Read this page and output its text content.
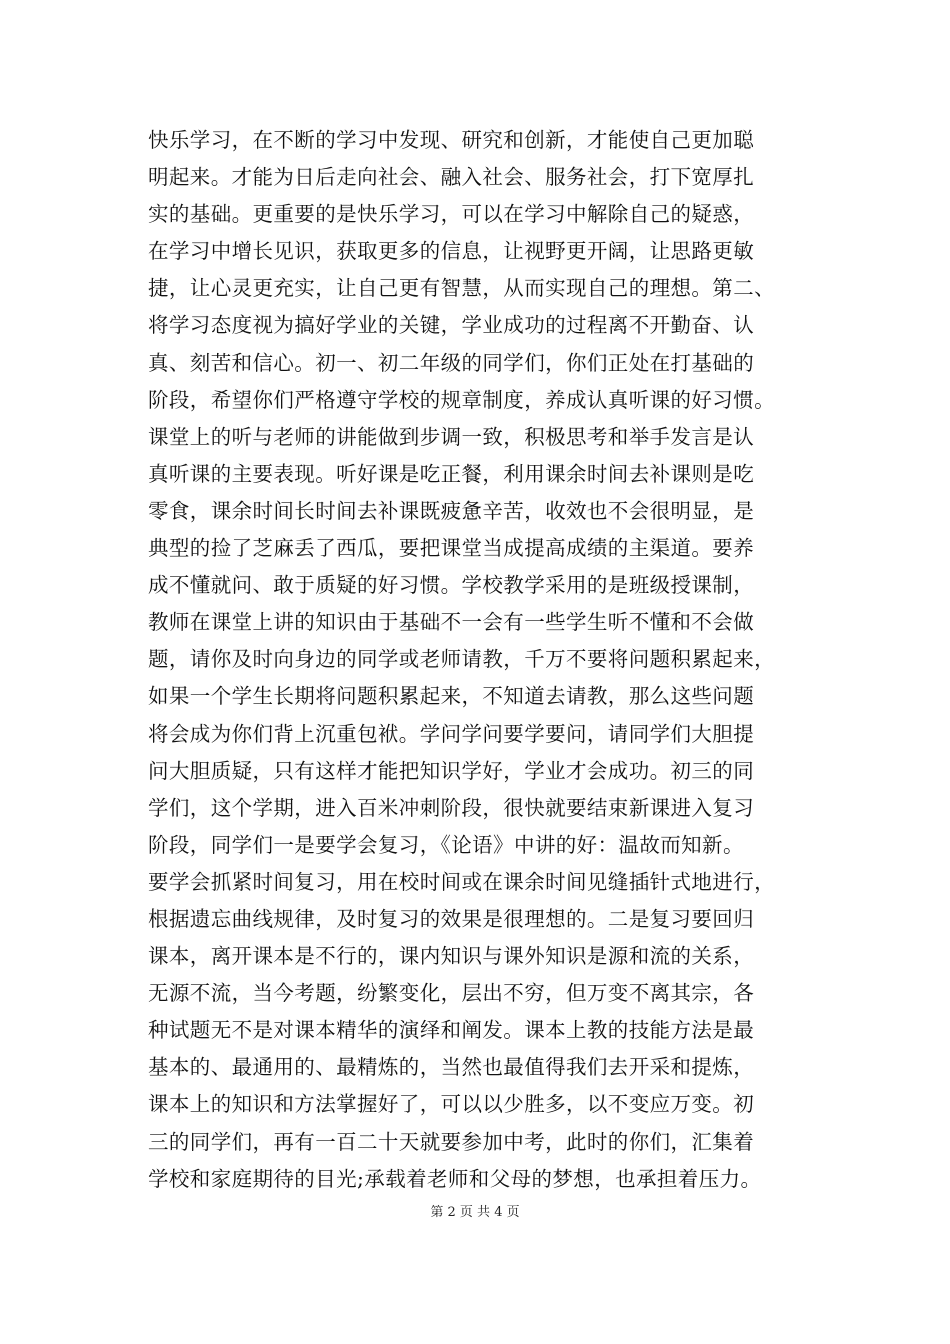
快乐学习，在不断的学习中发现、研究和创新，才能使自己更加聪
明起来。才能为日后走向社会、融入社会、服务社会，打下宽厚扎
实的基础。更重要的是快乐学习，可以在学习中解除自己的疑惑，
在学习中增长见识，获取更多的信息，让视野更开阔，让思路更敏
捷，让心灵更充实，让自己更有智慧，从而实现自己的理想。第二、
将学习态度视为搞好学业的关键，学业成功的过程离不开勤奋、认
真、刻苦和信心。初一、初二年级的同学们，你们正处在打基础的
阶段，希望你们严格遵守学校的规章制度，养成认真听课的好习惯。
课堂上的听与老师的讲能做到步调一致，积极思考和举手发言是认
真听课的主要表现。听好课是吃正餐，利用课余时间去补课则是吃
零食，课余时间长时间去补课既疲惫辛苦，收效也不会很明显，是
典型的捡了芝麻丢了西瓜，要把课堂当成提高成绩的主渠道。要养
成不懂就问、敢于质疑的好习惯。学校教学采用的是班级授课制，
教师在课堂上讲的知识由于基础不一会有一些学生听不懂和不会做
题，请你及时向身边的同学或老师请教，千万不要将问题积累起来，
如果一个学生长期将问题积累起来，不知道去请教，那么这些问题
将会成为你们背上沉重包袱。学问学问要学要问，请同学们大胆提
问大胆质疑，只有这样才能把知识学好，学业才会成功。初三的同
学们，这个学期，进入百米冲刺阶段，很快就要结束新课进入复习
阶段，同学们一是要学会复习，《论语》中讲的好：温故而知新。
要学会抓紧时间复习，用在校时间或在课余时间见缝插针式地进行，
根据遗忘曲线规律，及时复习的效果是很理想的。二是复习要回归
课本，离开课本是不行的，课内知识与课外知识是源和流的关系，
无源不流，当今考题，纷繁变化，层出不穷，但万变不离其宗，各
种试题无不是对课本精华的演绎和阐发。课本上教的技能方法是最
基本的、最通用的、最精炼的，当然也最值得我们去开采和提炼，
课本上的知识和方法掌握好了，可以以少胜多，以不变应万变。初
三的同学们，再有一百二十天就要参加中考，此时的你们，汇集着
学校和家庭期待的目光;承载着老师和父母的梦想，也承担着压力。
第 2 页 共 4 页
